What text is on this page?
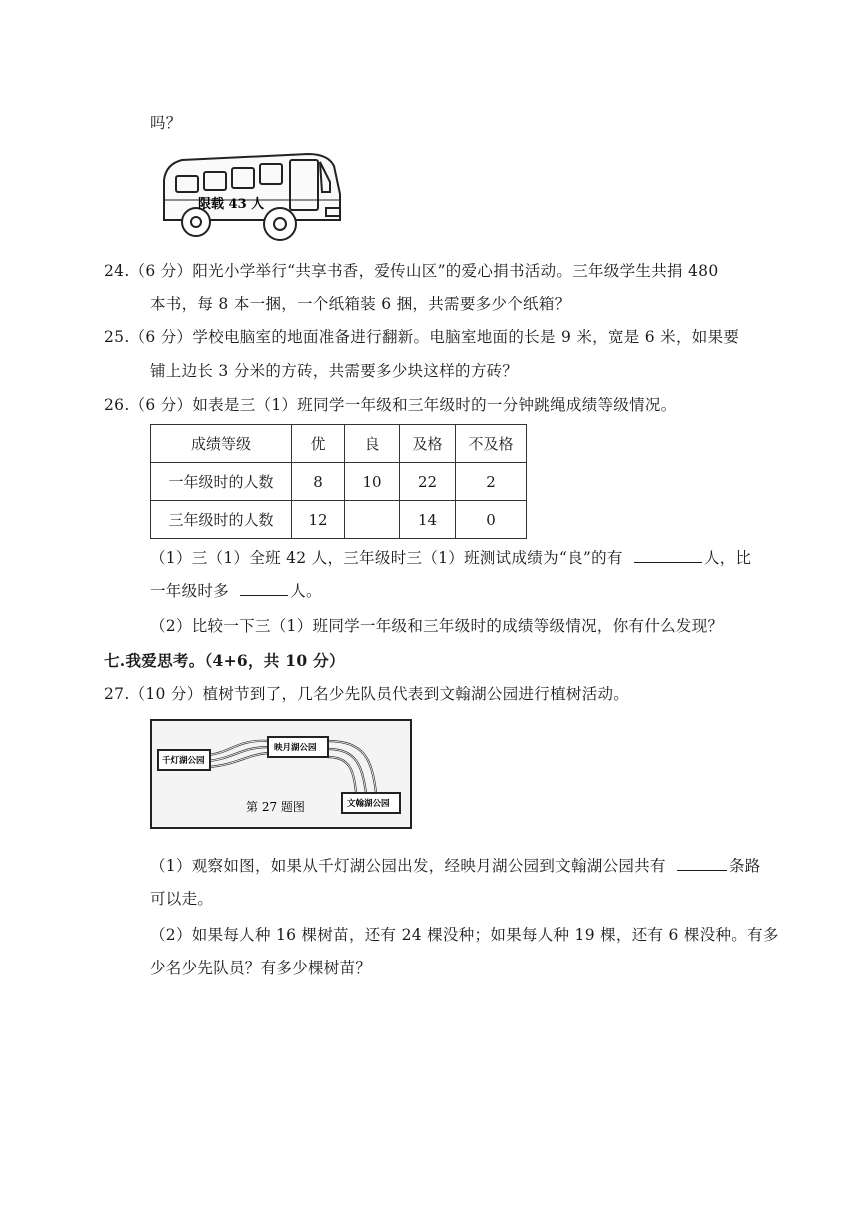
吗？
限载 43 人
24.（6 分）阳光小学举行“共享书香，爱传山区”的爱心捐书活动。三年级学生共捐 480
本书，每 8 本一捆，一个纸箱装 6 捆，共需要多少个纸箱？
25.（6 分）学校电脑室的地面准备进行翻新。电脑室地面的长是 9 米，宽是 6 米，如果要
铺上边长 3 分米的方砖，共需要多少块这样的方砖？
26.（6 分）如表是三（1）班同学一年级和三年级时的一分钟跳绳成绩等级情况。
成绩等级	优	良	及格	不及格
一年级时的人数	8	10	22	2
三年级时的人数	12		14	0
（1）三（1）全班 42 人，三年级时三（1）班测试成绩为“良”的有	人，比
一年级时多	人。
（2）比较一下三（1）班同学一年级和三年级时的成绩等级情况，你有什么发现？
七.我爱思考。（4+6，共 10 分）
27.（10 分）植树节到了，几名少先队员代表到文翰湖公园进行植树活动。
千灯湖公园
映月湖公园
文翰湖公园
第 27 题图
（1）观察如图，如果从千灯湖公园出发，经映月湖公园到文翰湖公园共有	条路
可以走。
（2）如果每人种 16 棵树苗，还有 24 棵没种；如果每人种 19 棵，还有 6 棵没种。有多
少名少先队员？有多少棵树苗？
